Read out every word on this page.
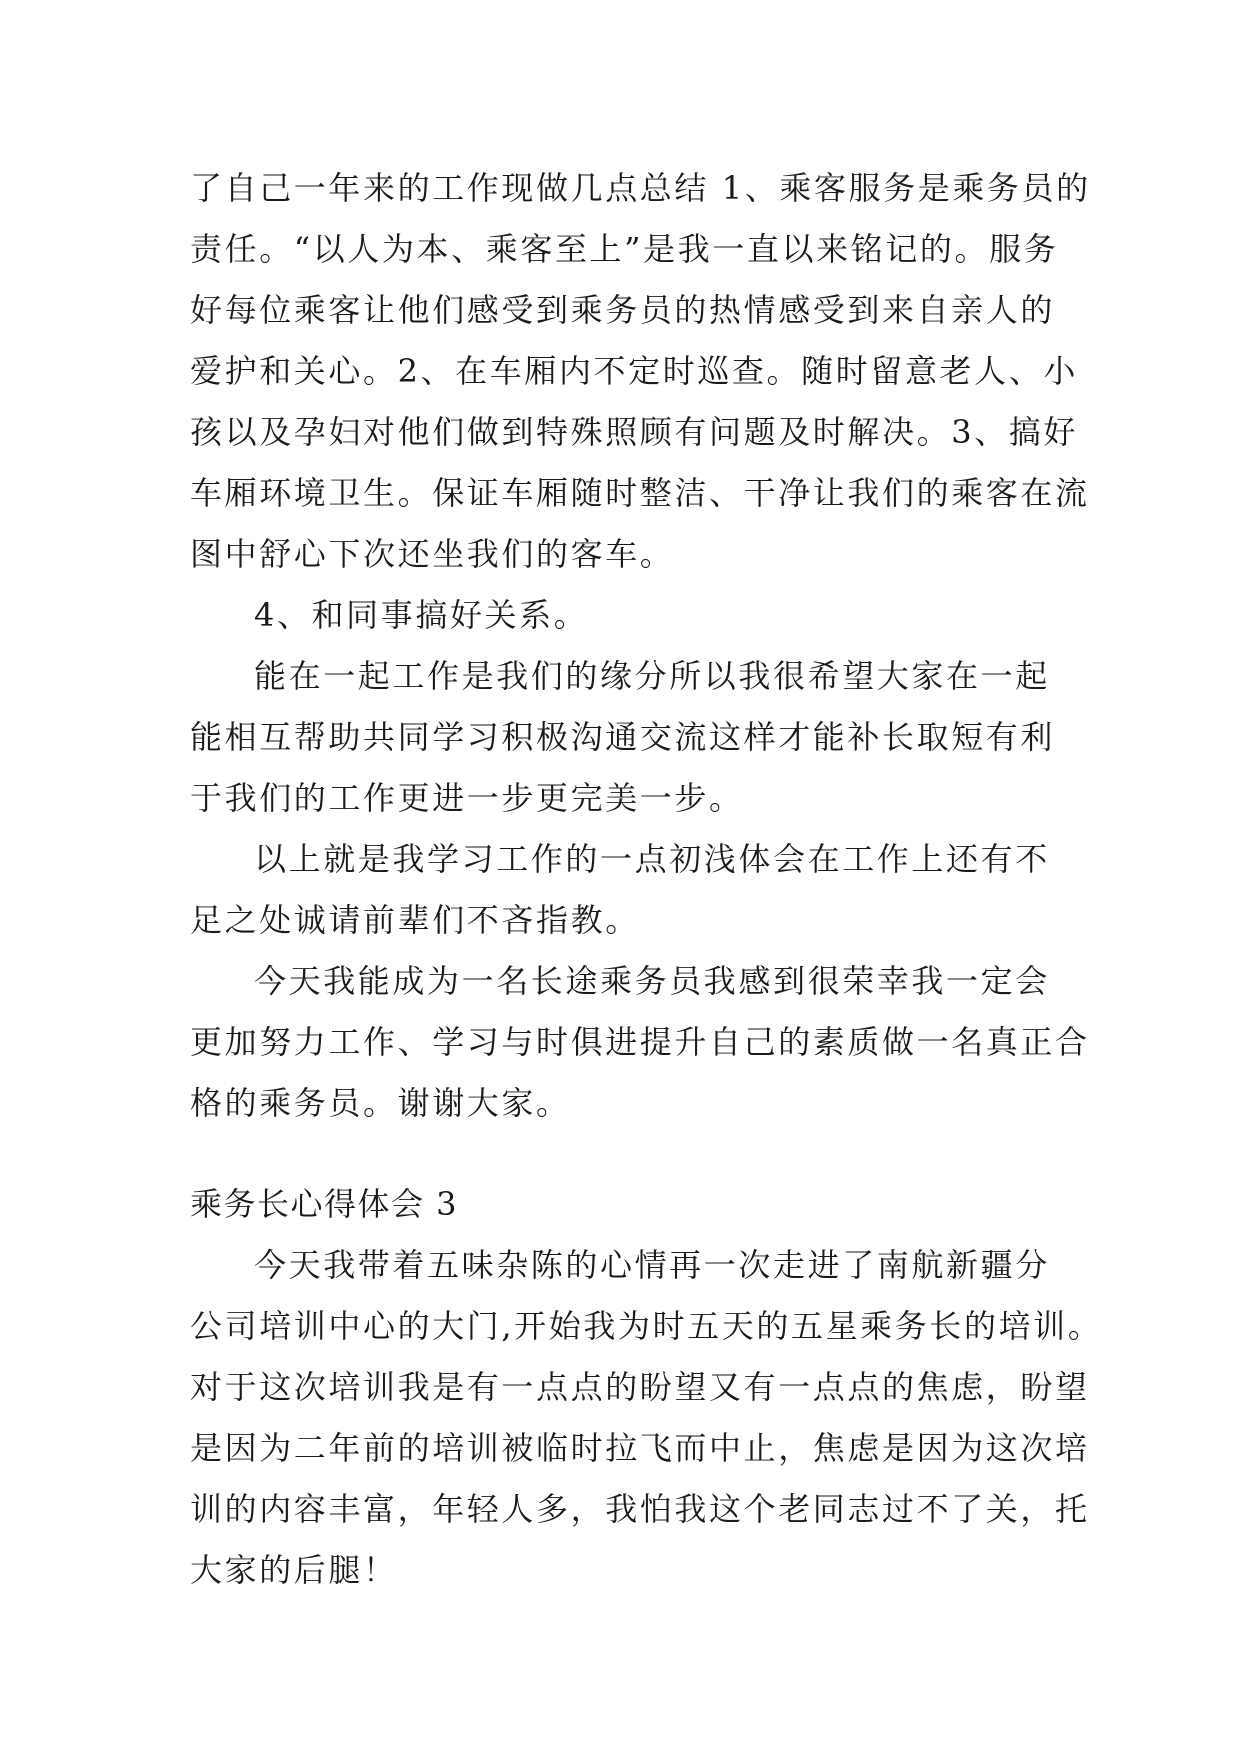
了自己一年来的工作现做几点总结 1、乘客服务是乘务员的
责任。“以人为本、乘客至上”是我一直以来铭记的。服务
好每位乘客让他们感受到乘务员的热情感受到来自亲人的
爱护和关心。2、在车厢内不定时巡查。随时留意老人、小
孩以及孕妇对他们做到特殊照顾有问题及时解决。3、搞好
车厢环境卫生。保证车厢随时整洁、干净让我们的乘客在流
图中舒心下次还坐我们的客车。
4、和同事搞好关系。
能在一起工作是我们的缘分所以我很希望大家在一起
能相互帮助共同学习积极沟通交流这样才能补长取短有利
于我们的工作更进一步更完美一步。
以上就是我学习工作的一点初浅体会在工作上还有不
足之处诚请前辈们不吝指教。
今天我能成为一名长途乘务员我感到很荣幸我一定会
更加努力工作、学习与时俱进提升自己的素质做一名真正合
格的乘务员。谢谢大家。
乘务长心得体会 3
今天我带着五味杂陈的心情再一次走进了南航新疆分
公司培训中心的大门,开始我为时五天的五星乘务长的培训。
对于这次培训我是有一点点的盼望又有一点点的焦虑，盼望
是因为二年前的培训被临时拉飞而中止，焦虑是因为这次培
训的内容丰富，年轻人多，我怕我这个老同志过不了关，托
大家的后腿！
